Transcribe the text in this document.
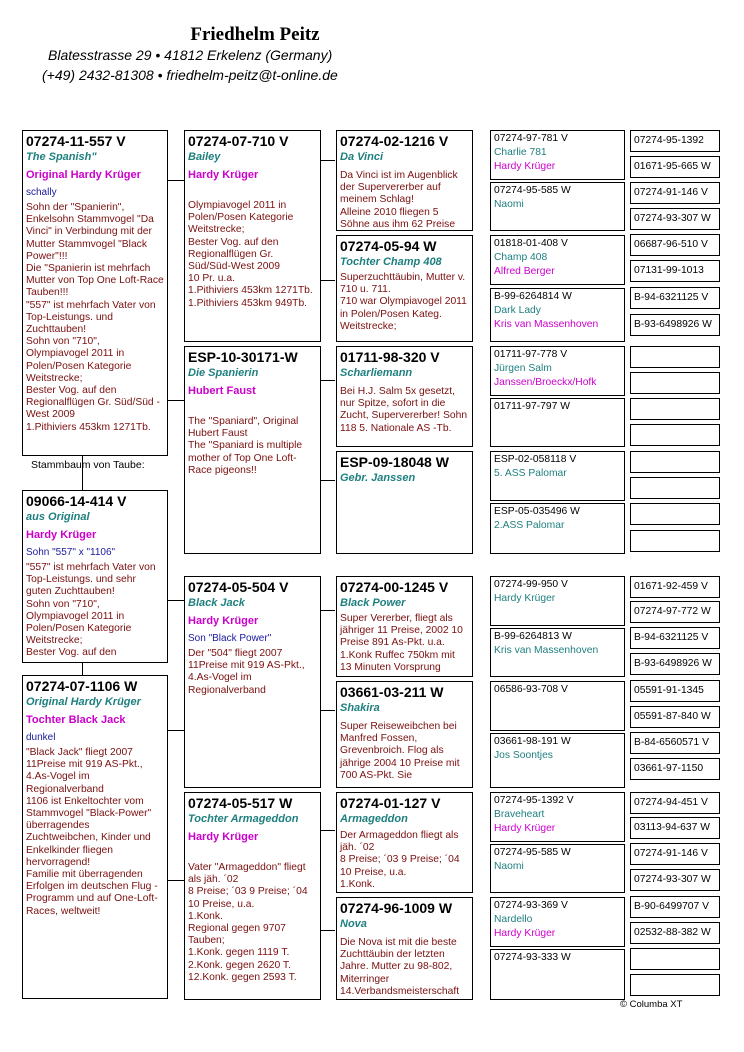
Friedhelm Peitz
Blatesstrasse 29 • 41812 Erkelenz (Germany)
(+49) 2432-81308 • friedhelm-peitz@t-online.de
07274-11-557 V
The Spanish"
Original Hardy Krüger
schally
Sohn der "Spanierin", Enkelsohn Stammvogel "Da Vinci" in Verbindung mit der Mutter Stammvogel "Black Power"!!!
Die "Spanierin ist mehrfach Mutter von Top One Loft-Race Tauben!!!
"557" ist mehrfach Vater von Top-Leistungs. und Zuchttauben!
Sohn von "710", Olympiavogel 2011 in Polen/Posen Kategorie Weitstrecke;
Bester Vog. auf den Regionalflügen Gr. Süd/Süd -West 2009
1.Pithiviers 453km 1271Tb.
Stammbaum von Taube:
09066-14-414 V
aus Original
Hardy Krüger
Sohn "557" x "1106"
"557" ist mehrfach Vater von Top-Leistungs. und sehr guten Zuchttauben!
Sohn von "710", Olympiavogel 2011 in Polen/Posen Kategorie Weitstrecke;
Bester Vog. auf den
07274-07-1106 W
Original Hardy Krüger
Tochter Black Jack
dunkel
"Black Jack" fliegt 2007 11Preise mit 919 AS-Pkt., 4.As-Vogel im Regionalverband
1106 ist Enkeltochter vom Stammvogel "Black-Power"
überragendes Zuchtweibchen, Kinder und Enkelkinder fliegen hervorragend!
Familie mit überragenden Erfolgen im deutschen Flug -Programm und auf One-Loft-Races, weltweit!
07274-07-710 V
Bailey
Hardy Krüger
Olympiavogel 2011 in Polen/Posen Kategorie Weitstrecke;
Bester Vog. auf den Regionalflügen Gr. Süd/Süd-West 2009
10 Pr. u.a.
1.Pithiviers 453km 1271Tb.
1.Pithiviers 453km 949Tb.
ESP-10-30171-W
Die Spanierin
Hubert Faust
The "Spaniard", Original Hubert Faust
The "Spaniard is multiple mother of Top One Loft-Race pigeons!!
07274-05-504 V
Black Jack
Hardy Krüger
Son "Black Power"
Der "504" fliegt 2007 11Preise mit 919 AS-Pkt., 4.As-Vogel im Regionalverband
07274-05-517 W
Tochter Armageddon
Hardy Krüger
Vater "Armageddon" fliegt als jäh. ´02
8 Preise; ´03 9 Preise; ´04 10 Preise, u.a.
1.Konk.
Regional gegen 9707 Tauben;
1.Konk. gegen 1119 T.
2.Konk. gegen 2620 T.
12.Konk. gegen 2593 T.
07274-02-1216 V
Da Vinci
Da Vinci ist im Augenblick der Supervererber auf meinem Schlag!
Alleine 2010 fliegen 5 Söhne aus ihm 62 Preise
07274-05-94 W
Tochter Champ 408
Superzuchttäubin, Mutter v. 710 u. 711.
710 war Olympiavogel 2011 in Polen/Posen Kateg. Weitstrecke;
01711-98-320 V
Scharliemann
Bei H.J. Salm 5x gesetzt, nur Spitze, sofort in die Zucht, Supervererber! Sohn 118 5. Nationale AS -Tb.
ESP-09-18048 W
Gebr. Janssen
07274-00-1245 V
Black Power
Super Vererber, fliegt als jähriger 11 Preise, 2002 10 Preise 891 As-Pkt. u.a. 1.Konk Ruffec 750km mit 13 Minuten Vorsprung
03661-03-211 W
Shakira
Super Reiseweibchen bei Manfred Fossen, Grevenbroich. Flog als jährige 2004 10 Preise mit 700 AS-Pkt. Sie
07274-01-127 V
Armageddon
Der Armageddon fliegt als jäh. ´02
8 Preise; ´03 9 Preise; ´04 10 Preise, u.a.
1.Konk.
07274-96-1009 W
Nova
Die Nova ist mit die beste Zuchttäubin der letzten Jahre. Mutter zu 98-802, Miterringer
14.Verbandsmeisterschaft
07274-97-781 V
Charlie 781
Hardy Krüger
07274-95-585 W
Naomi
01818-01-408 V
Champ 408
Alfred Berger
B-99-6264814 W
Dark Lady
Kris van Massenhoven
01711-97-778 V
Jürgen Salm
Janssen/Broeckx/Hofk
01711-97-797 W
ESP-02-058118 V
5. ASS Palomar
ESP-05-035496 W
2.ASS Palomar
07274-99-950 V
Hardy Krüger
B-99-6264813 W
Kris van Massenhoven
06586-93-708 V
03661-98-191 W
Jos Soontjes
07274-95-1392 V
Braveheart
Hardy Krüger
07274-95-585 W
Naomi
07274-93-369 V
Nardello
Hardy Krüger
07274-93-333 W
07274-95-1392
01671-95-665 W
07274-91-146 V
07274-93-307 W
06687-96-510 V
07131-99-1013
B-94-6321125 V
B-93-6498926 W
01671-92-459 V
07274-97-772 W
B-94-6321125 V
B-93-6498926 W
05591-91-1345
05591-87-840 W
B-84-6560571 V
03661-97-1150
07274-94-451 V
03113-94-637 W
07274-91-146 V
07274-93-307 W
B-90-6499707 V
02532-88-382 W
© Columba XT
